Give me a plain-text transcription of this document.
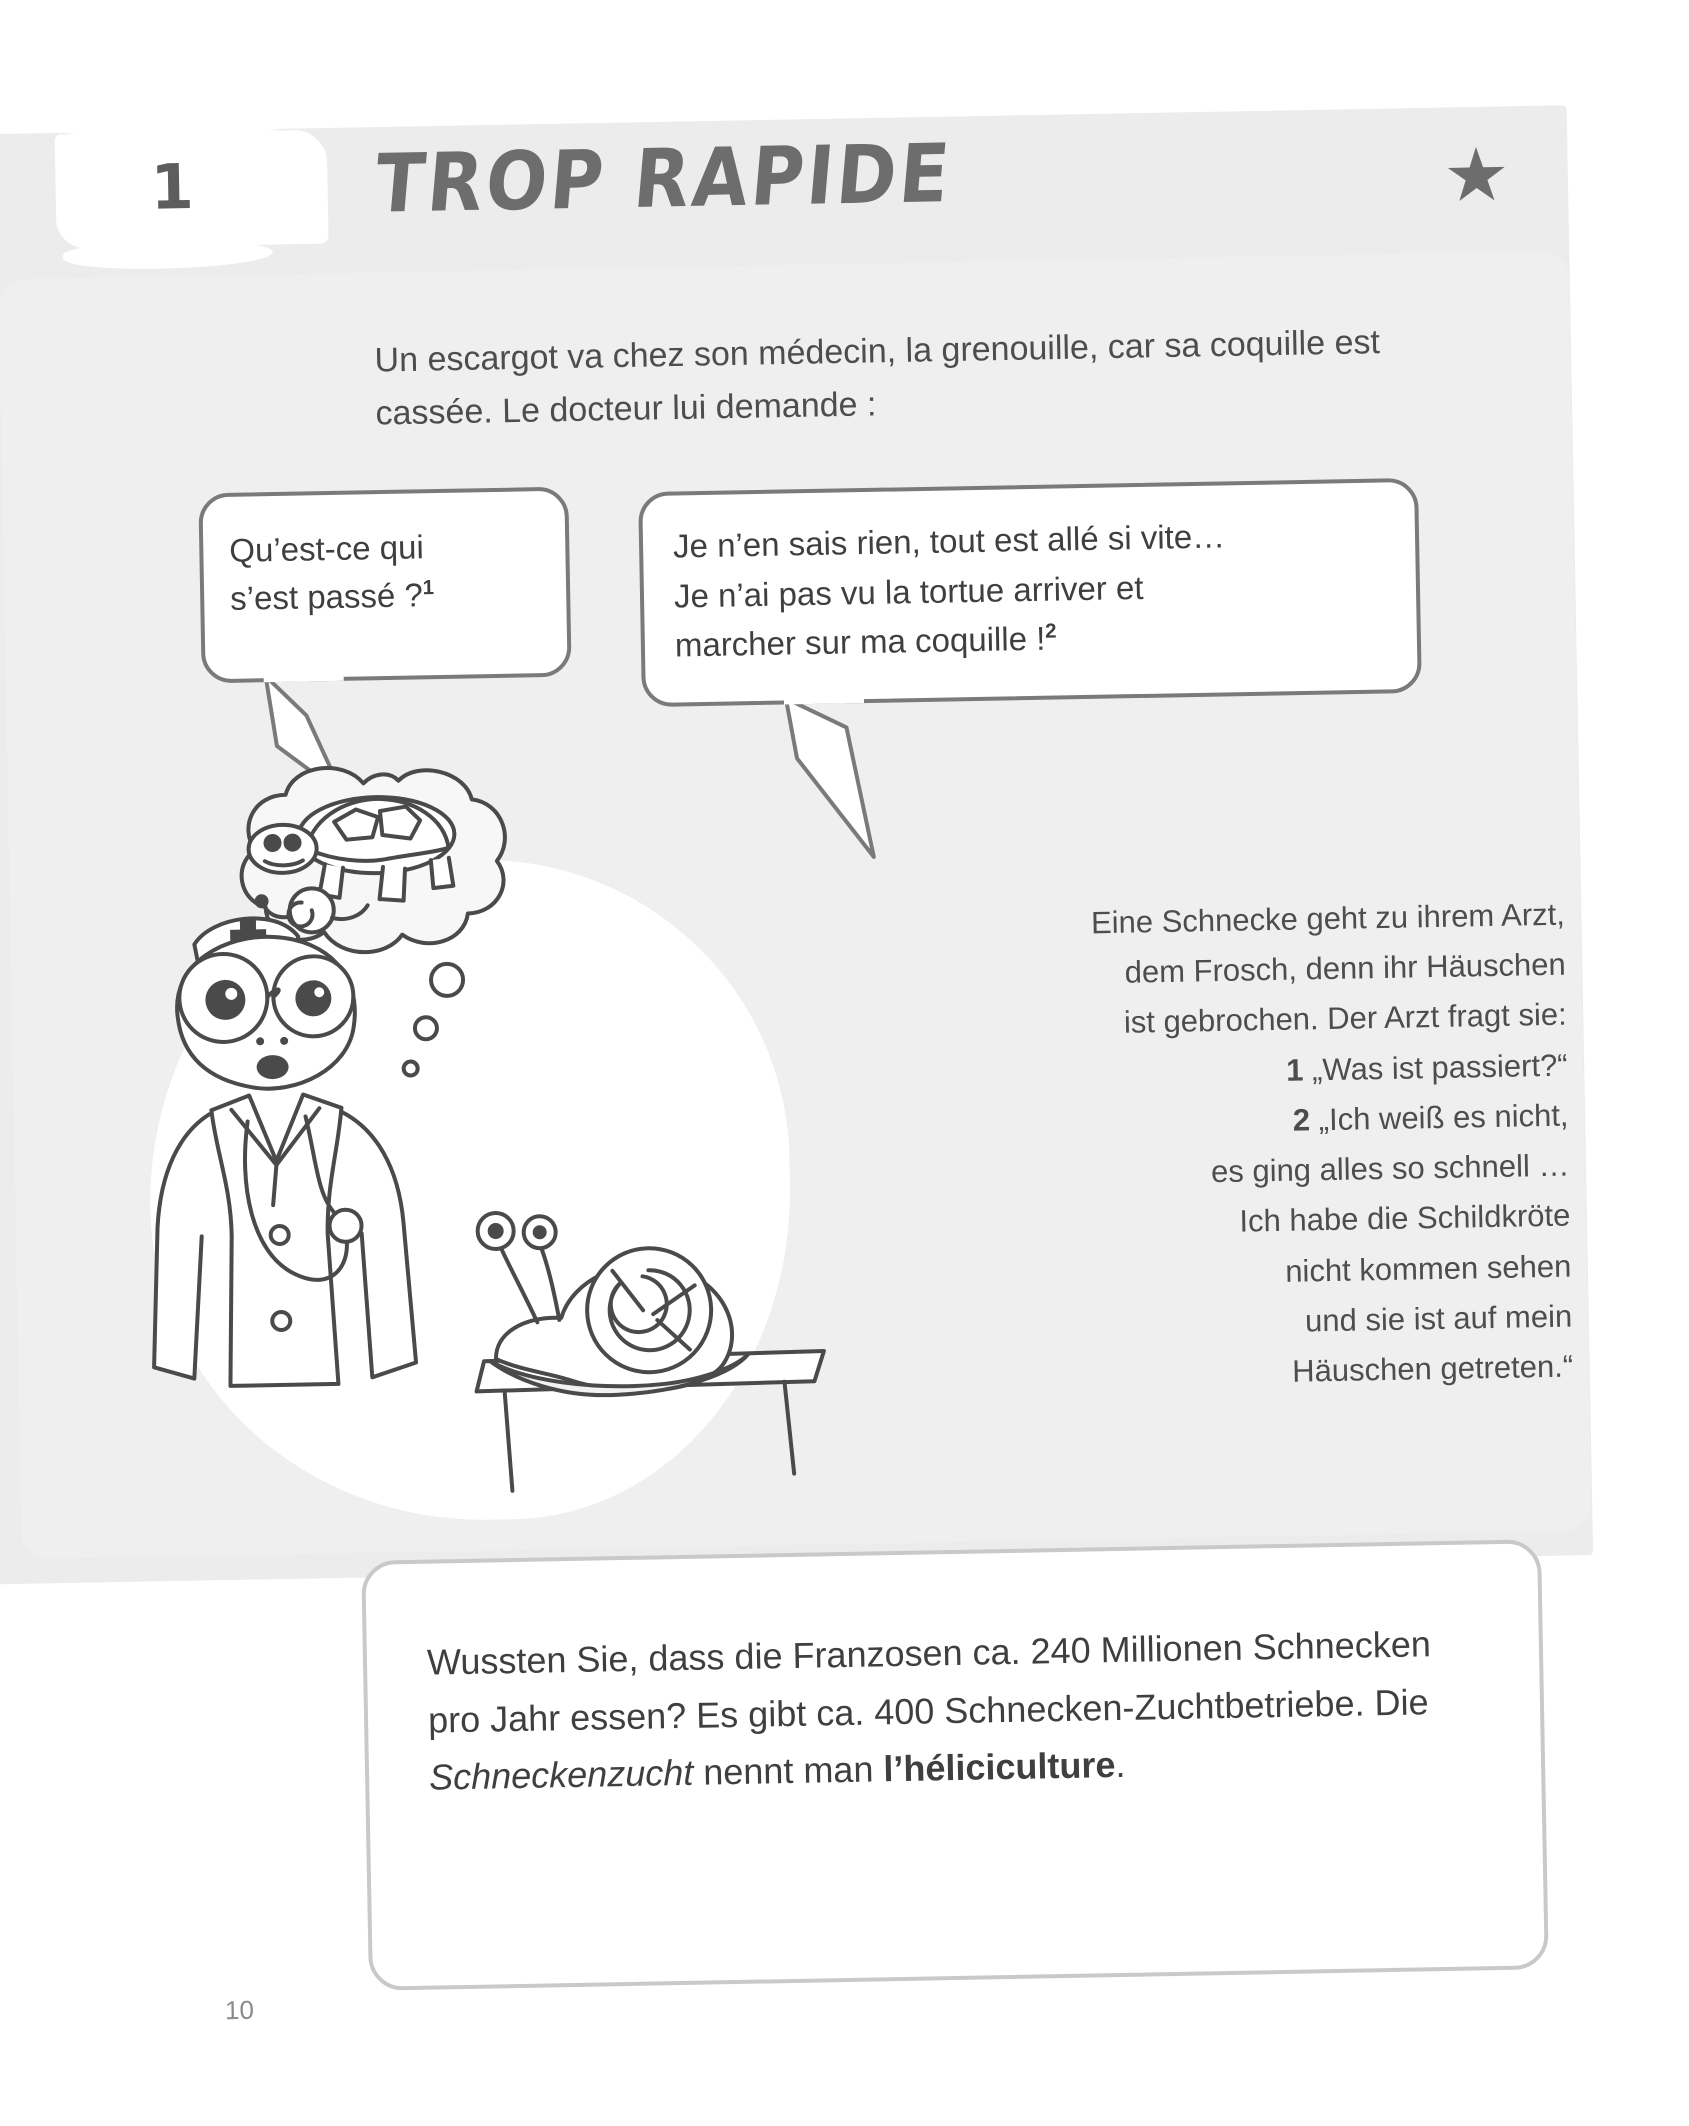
1 TROP RAPIDE	★
Un escargot va chez son médecin, la grenouille, car sa coquille est cassée. Le docteur lui demande :
Qu’est-ce qui
s’est passé ?$^1$
Je n’en sais rien, tout est allé si vite…
Je n’ai pas vu la tortue arriver et
marcher sur ma coquille !$^2$
Eine Schnecke geht zu ihrem Arzt,
dem Frosch, denn ihr Häuschen
ist gebrochen. Der Arzt fragt sie:
1 „Was ist passiert?“
2 „Ich weiß es nicht,
es ging alles so schnell …
Ich habe die Schildkröte
nicht kommen sehen
und sie ist auf mein
Häuschen getreten.“
Wussten Sie, dass die Franzosen ca. 240 Millionen Schnecken pro Jahr essen? Es gibt ca. 400 Schnecken-Zuchtbetriebe. Die Schneckenzucht nennt man l’héliciculture.
10
